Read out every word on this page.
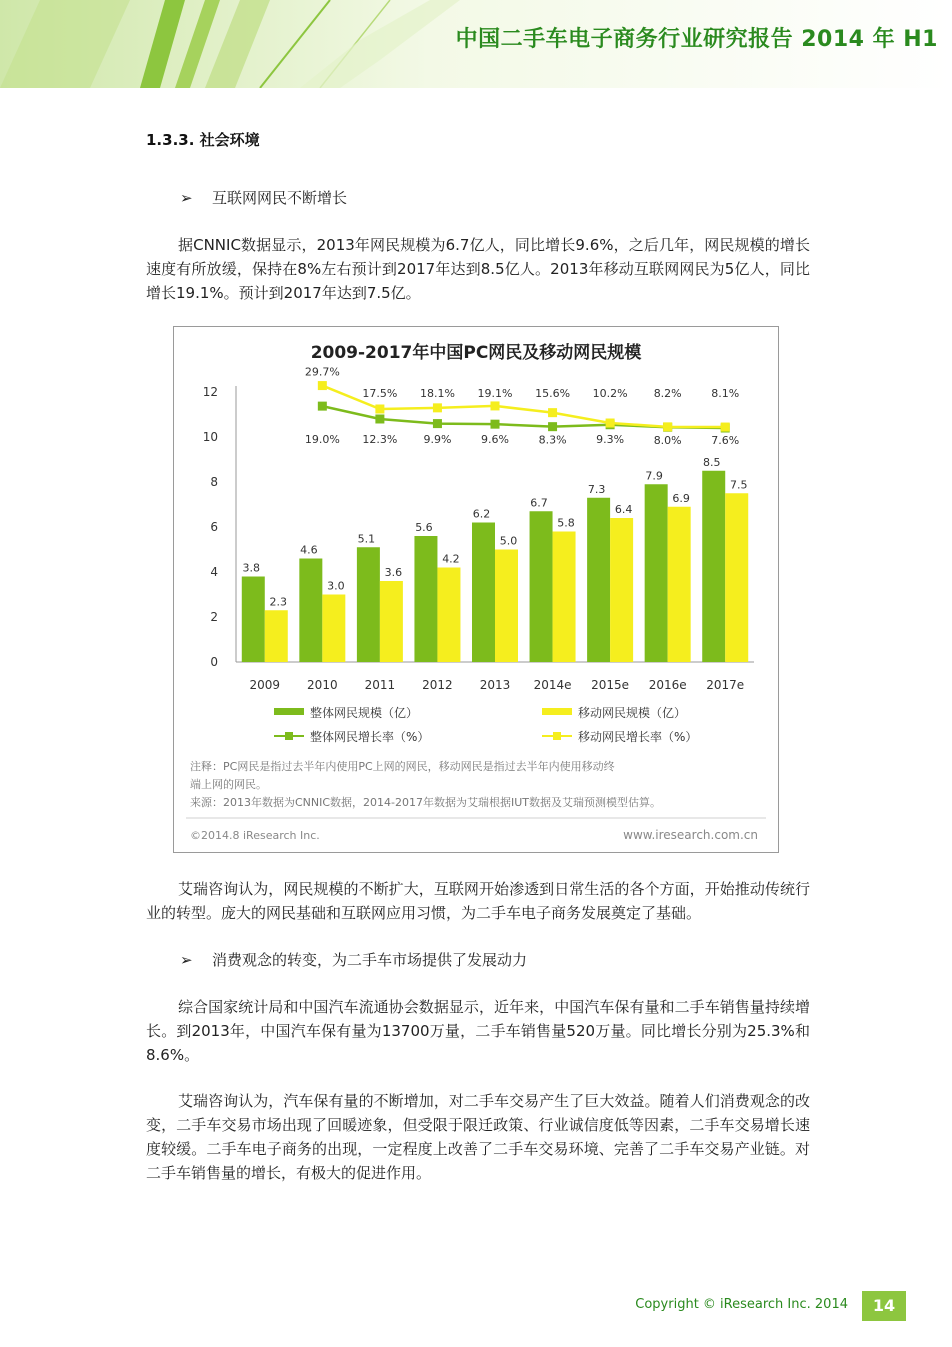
中国二手车电子商务行业研究报告 2014 年 H1
1.3.3. 社会环境
➢ 互联网网民不断增长
据CNNIC数据显示，2013年网民规模为6.7亿人，同比增长9.6%，之后几年，网民规模的增长速度有所放缓，保持在8%左右预计到2017年达到8.5亿人。2013年移动互联网网民为5亿人，同比增长19.1%。预计到2017年达到7.5亿。
2009-2017年中国PC网民及移动网民规模
0
2
4
6
8
10
12
3.8
4.6
5.1
5.6
6.2
6.7
7.3
7.9
8.5
2.3
3.0
3.6
4.2
5.0
5.8
6.4
6.9
7.5
2009 2010 2011 2012 2013 2014e 2015e 2016e 2017e
19.0% 12.3% 9.9%	9.6%	8.3%	9.3%	8.0%	7.6%
29.7%
17.5% 18.1% 19.1% 15.6% 10.2% 8.2%	8.1%
整体网民规模（亿）	移动网民规模（亿）
整体网民增长率（%）	移动网民增长率（%）
注释：PC网民是指过去半年内使用PC上网的网民，移动网民是指过去半年内使用移动终
端上网的网民。
来源：2013年数据为CNNIC数据，2014-2017年数据为艾瑞根据IUT数据及艾瑞预测模型估算。
©2014.8 iResearch Inc.	www.iresearch.com.cn
艾瑞咨询认为，网民规模的不断扩大，互联网开始渗透到日常生活的各个方面，开始推动传统行业的转型。庞大的网民基础和互联网应用习惯，为二手车电子商务发展奠定了基础。
➢ 消费观念的转变，为二手车市场提供了发展动力
综合国家统计局和中国汽车流通协会数据显示，近年来，中国汽车保有量和二手车销售量持续增长。到2013年，中国汽车保有量为13700万量，二手车销售量520万量。同比增长分别为25.3%和8.6%。
艾瑞咨询认为，汽车保有量的不断增加，对二手车交易产生了巨大效益。随着人们消费观念的改变，二手车交易市场出现了回暖迹象，但受限于限迁政策、行业诚信度低等因素，二手车交易增长速度较缓。二手车电子商务的出现，一定程度上改善了二手车交易环境、完善了二手车交易产业链。对二手车销售量的增长，有极大的促进作用。
Copyright © iResearch Inc. 2014	14
